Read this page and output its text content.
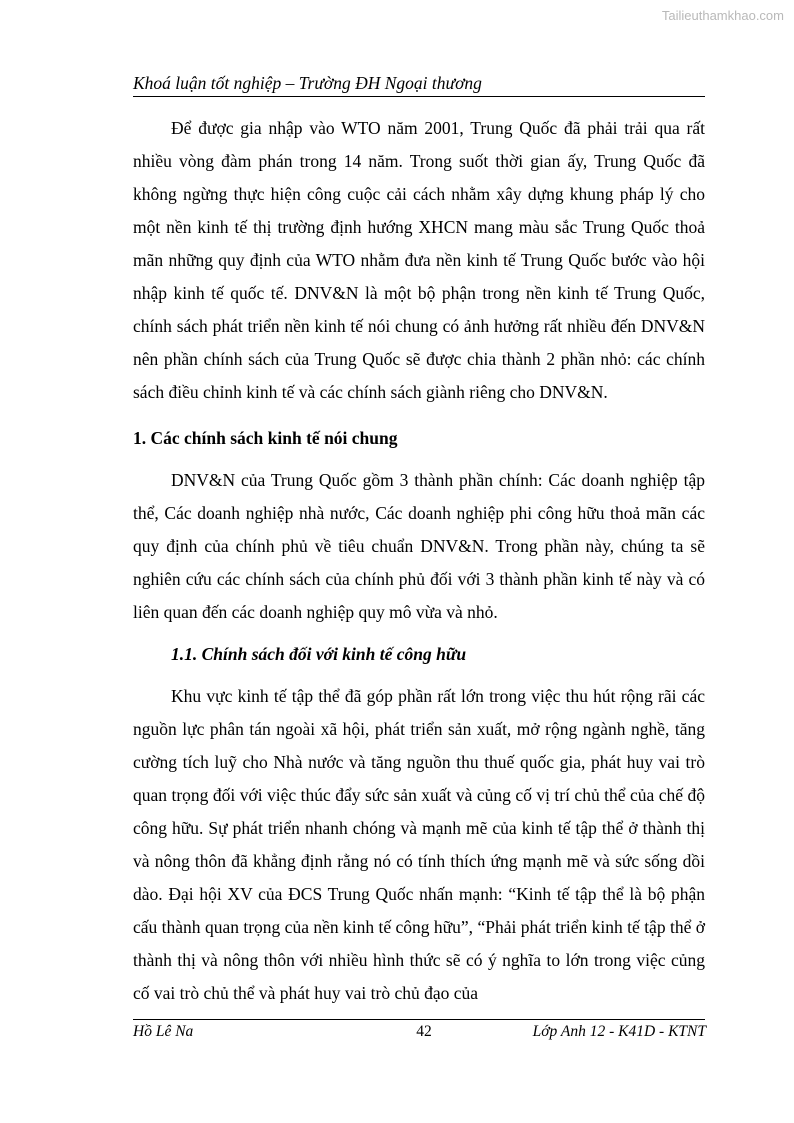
Tailieuthamkhao.com
Khoá luận tốt nghiệp – Trường ĐH Ngoại thương

Để được gia nhập vào WTO năm 2001, Trung Quốc đã phải trải qua rất nhiều vòng đàm phán trong 14 năm. Trong suốt thời gian ấy, Trung Quốc đã không ngừng thực hiện công cuộc cải cách nhằm xây dựng khung pháp lý cho một nền kinh tế thị trường định hướng XHCN mang màu sắc Trung Quốc thoả mãn những quy định của WTO nhằm đưa nền kinh tế Trung Quốc bước vào hội nhập kinh tế quốc tế. DNV&N là một bộ phận trong nền kinh tế Trung Quốc, chính sách phát triển nền kinh tế nói chung có ảnh hưởng rất nhiều đến DNV&N nên phần chính sách của Trung Quốc sẽ được chia thành 2 phần nhỏ: các chính sách điều chỉnh kinh tế và các chính sách giành riêng cho DNV&N.

1. Các chính sách kinh tế nói chung

DNV&N của Trung Quốc gồm 3 thành phần chính: Các doanh nghiệp tập thể, Các doanh nghiệp nhà nước, Các doanh nghiệp phi công hữu thoả mãn các quy định của chính phủ về tiêu chuẩn DNV&N. Trong phần này, chúng ta sẽ nghiên cứu các chính sách của chính phủ đối với 3 thành phần kinh tế này và có liên quan đến các doanh nghiệp quy mô vừa và nhỏ.

1.1. Chính sách đối với kinh tế công hữu

Khu vực kinh tế tập thể đã góp phần rất lớn trong việc thu hút rộng rãi các nguồn lực phân tán ngoài xã hội, phát triển sản xuất, mở rộng ngành nghề, tăng cường tích luỹ cho Nhà nước và tăng nguồn thu thuế quốc gia, phát huy vai trò quan trọng đối với việc thúc đẩy sức sản xuất và củng cố vị trí chủ thể của chế độ công hữu. Sự phát triển nhanh chóng và mạnh mẽ của kinh tế tập thể ở thành thị và nông thôn đã khẳng định rằng nó có tính thích ứng mạnh mẽ và sức sống dồi dào. Đại hội XV của ĐCS Trung Quốc nhấn mạnh: “Kinh tế tập thể là bộ phận cấu thành quan trọng của nền kinh tế công hữu”, “Phải phát triển kinh tế tập thể ở thành thị và nông thôn với nhiều hình thức sẽ có ý nghĩa to lớn trong việc củng cố vai trò chủ thể và phát huy vai trò chủ đạo của

Hồ Lê Na	42	Lớp Anh 12 - K41D - KTNT
